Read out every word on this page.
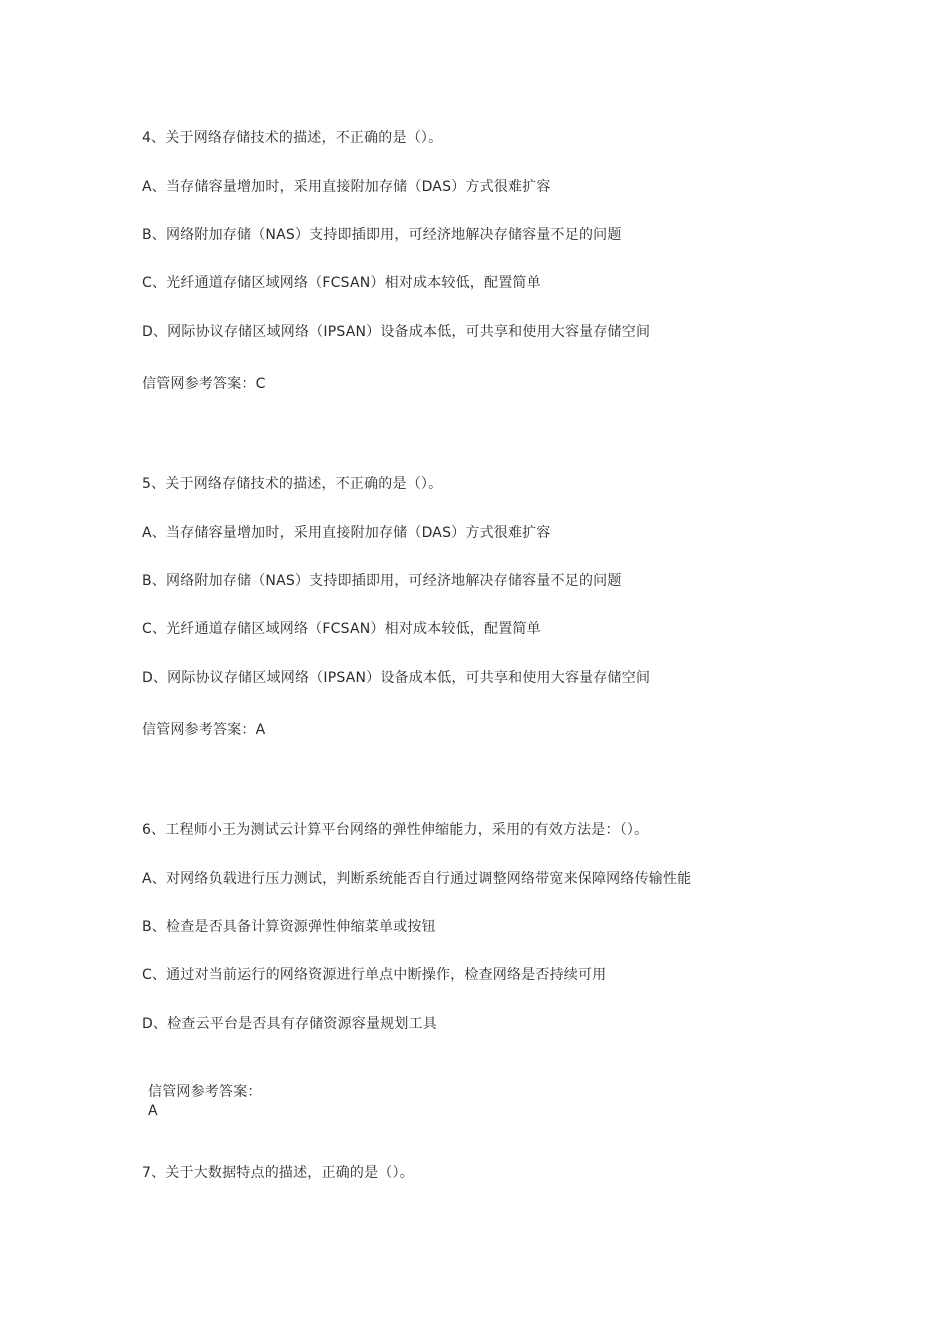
4、关于网络存储技术的描述，不正确的是（）。
A、当存储容量增加时，采用直接附加存储（DAS）方式很难扩容
B、网络附加存储（NAS）支持即插即用，可经济地解决存储容量不足的问题
C、光纤通道存储区域网络（FCSAN）相对成本较低，配置简单
D、网际协议存储区域网络（IPSAN）设备成本低，可共享和使用大容量存储空间
信管网参考答案：C
5、关于网络存储技术的描述，不正确的是（）。
A、当存储容量增加时，采用直接附加存储（DAS）方式很难扩容
B、网络附加存储（NAS）支持即插即用，可经济地解决存储容量不足的问题
C、光纤通道存储区域网络（FCSAN）相对成本较低，配置简单
D、网际协议存储区域网络（IPSAN）设备成本低，可共享和使用大容量存储空间
信管网参考答案：A
6、工程师小王为测试云计算平台网络的弹性伸缩能力，采用的有效方法是：（）。
A、对网络负载进行压力测试，判断系统能否自行通过调整网络带宽来保障网络传输性能
B、检查是否具备计算资源弹性伸缩菜单或按钮
C、通过对当前运行的网络资源进行单点中断操作，检查网络是否持续可用
D、检查云平台是否具有存储资源容量规划工具
信管网参考答案：
A
7、关于大数据特点的描述，正确的是（）。
